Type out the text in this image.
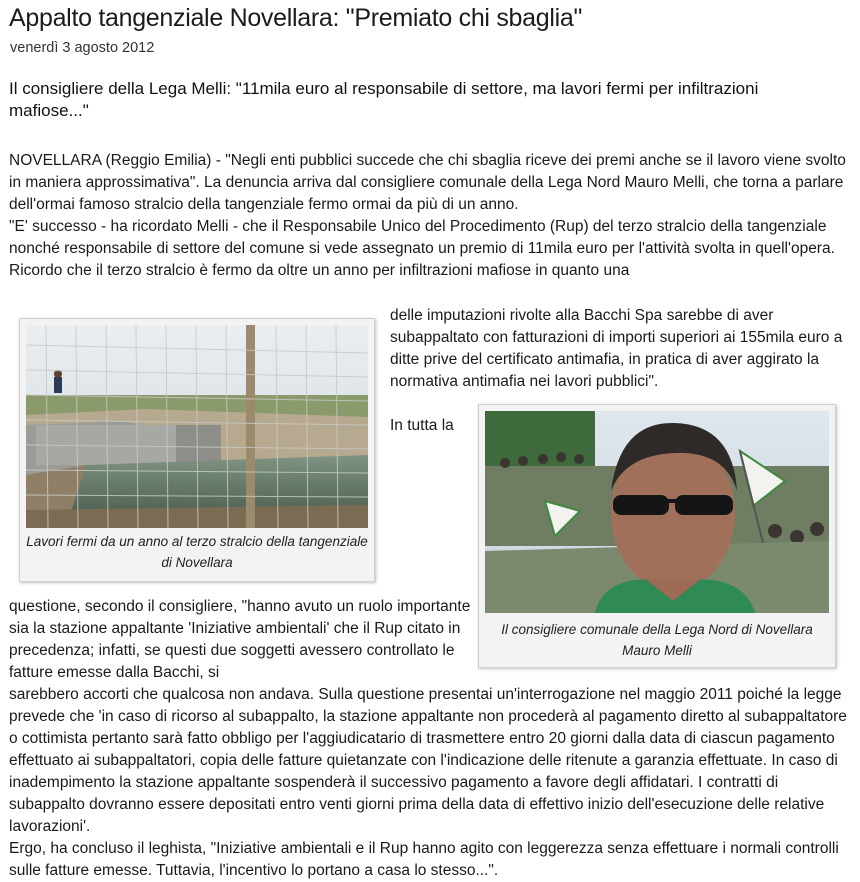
Appalto tangenziale Novellara: "Premiato chi sbaglia"
venerdì 3 agosto 2012
Il consigliere della Lega Melli: "11mila euro al responsabile di settore, ma lavori fermi per infiltrazioni mafiose..."

NOVELLARA (Reggio Emilia) - "Negli enti pubblici succede che chi sbaglia riceve dei premi anche se il lavoro viene svolto in maniera approssimativa". La denuncia arriva dal consigliere comunale della Lega Nord Mauro Melli, che torna a parlare dell'ormai famoso stralcio della tangenziale fermo ormai da più di un anno.
"E' successo - ha ricordato Melli - che il Responsabile Unico del Procedimento (Rup) del terzo stralcio della tangenziale nonché responsabile di settore del comune si vede assegnato un premio di 11mila euro per l'attività svolta in quell'opera. Ricordo che il terzo stralcio è fermo da oltre un anno per infiltrazioni mafiose in quanto una

Lavori fermi da un anno al terzo stralcio della tangenziale di Novellara

delle imputazioni rivolte alla Bacchi Spa sarebbe di aver subappaltato con fatturazioni di importi superiori ai 155mila euro a ditte prive del certificato antimafia, in pratica di aver aggirato la normativa antimafia nei lavori pubblici".

In tutta la

Il consigliere comunale della Lega Nord di Novellara Mauro Melli

questione, secondo il consigliere, "hanno avuto un ruolo importante sia la stazione appaltante 'Iniziative ambientali' che il Rup citato in precedenza; infatti, se questi due soggetti avessero controllato le fatture emesse dalla Bacchi, si

sarebbero accorti che qualcosa non andava. Sulla questione presentai un'interrogazione nel maggio 2011 poiché la legge prevede che 'in caso di ricorso al subappalto, la stazione appaltante non procederà al pagamento diretto al subappaltatore o cottimista pertanto sarà fatto obbligo per l'aggiudicatario di trasmettere entro 20 giorni dalla data di ciascun pagamento effettuato ai subappaltatori, copia delle fatture quietanzate con l'indicazione delle ritenute a garanzia effettuate. In caso di inadempimento la stazione appaltante sospenderà il successivo pagamento a favore degli affidatari. I contratti di subappalto dovranno essere depositati entro venti giorni prima della data di effettivo inizio dell'esecuzione delle relative lavorazioni'.
Ergo, ha concluso il leghista, "Iniziative ambientali e il Rup hanno agito con leggerezza senza effettuare i normali controlli sulle fatture emesse. Tuttavia, l'incentivo lo portano a casa lo stesso...".
